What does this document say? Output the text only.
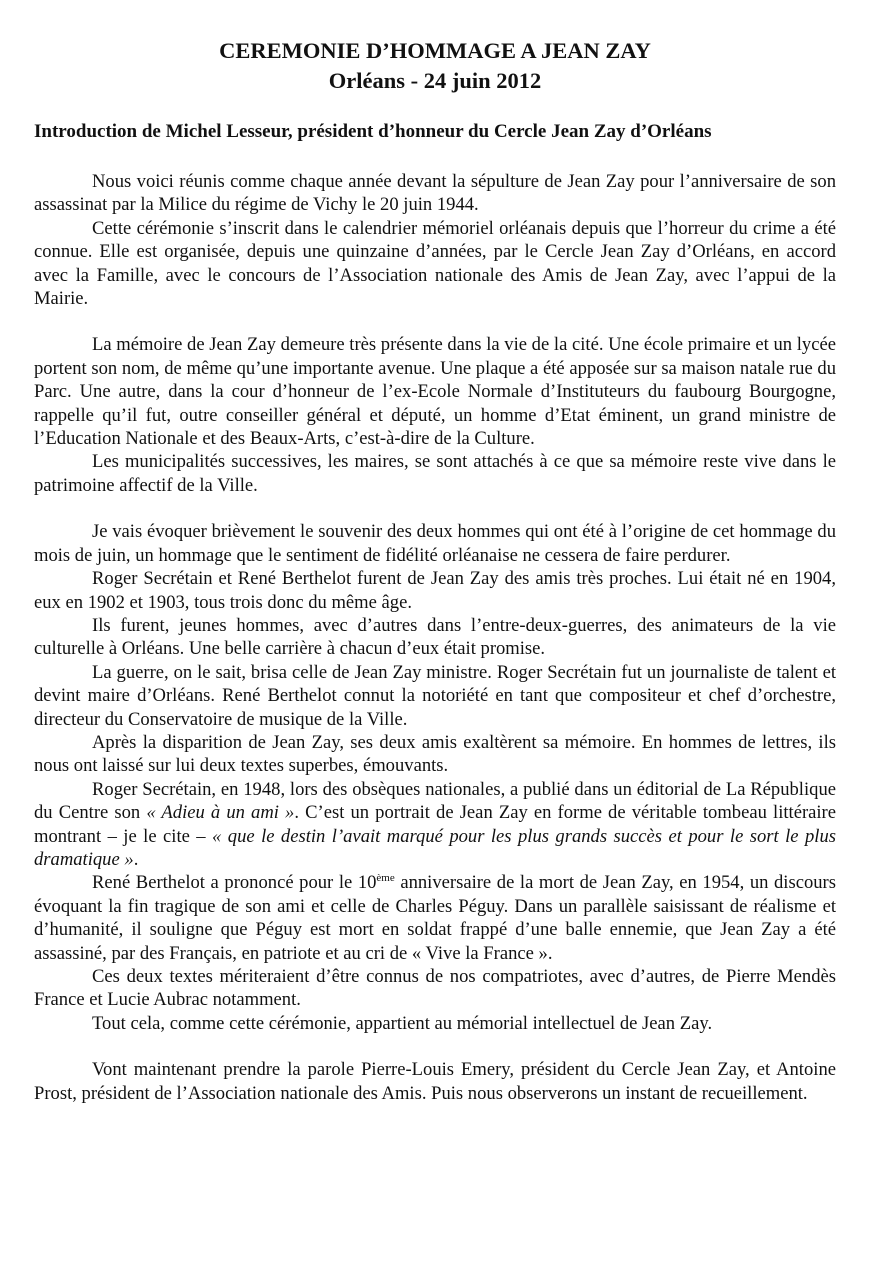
CEREMONIE D’HOMMAGE A JEAN ZAY
Orléans - 24 juin 2012
Introduction de Michel Lesseur, président d’honneur du Cercle Jean Zay d’Orléans

Nous voici réunis comme chaque année devant la sépulture de Jean Zay pour l’anniversaire de son assassinat par la Milice du régime de Vichy le 20 juin 1944.

Cette cérémonie s’inscrit dans le calendrier mémoriel orléanais depuis que l’horreur du crime a été connue. Elle est organisée, depuis une quinzaine d’années, par le Cercle Jean Zay d’Orléans, en accord avec la Famille, avec le concours de l’Association nationale des Amis de Jean Zay, avec l’appui de la Mairie.

La mémoire de Jean Zay demeure très présente dans la vie de la cité. Une école primaire et un lycée portent son nom, de même qu’une importante avenue. Une plaque a été apposée sur sa maison natale rue du Parc. Une autre, dans la cour d’honneur de l’ex-Ecole Normale d’Instituteurs du faubourg Bourgogne, rappelle qu’il fut, outre conseiller général et député, un homme d’Etat éminent, un grand ministre de l’Education Nationale et des Beaux-Arts, c’est-à-dire de la Culture.

Les municipalités successives, les maires, se sont attachés à ce que sa mémoire reste vive dans le patrimoine affectif de la Ville.

Je vais évoquer brièvement le souvenir des deux hommes qui ont été à l’origine de cet hommage du mois de juin, un hommage que le sentiment de fidélité orléanaise ne cessera de faire perdurer.

Roger Secrétain et René Berthelot furent de Jean Zay des amis très proches. Lui était né en 1904, eux en 1902 et 1903, tous trois donc du même âge.

Ils furent, jeunes hommes, avec d’autres dans l’entre-deux-guerres, des animateurs de la vie culturelle à Orléans. Une belle carrière à chacun d’eux était promise.

La guerre, on le sait, brisa celle de Jean Zay ministre. Roger Secrétain fut un journaliste de talent et devint maire d’Orléans. René Berthelot connut la notoriété en tant que compositeur et chef d’orchestre, directeur du Conservatoire de musique de la Ville.

Après la disparition de Jean Zay, ses deux amis exaltèrent sa mémoire. En hommes de lettres, ils nous ont laissé sur lui deux textes superbes, émouvants.

Roger Secrétain, en 1948, lors des obsèques nationales, a publié dans un éditorial de La République du Centre son « Adieu à un ami ». C’est un portrait de Jean Zay en forme de véritable tombeau littéraire montrant – je le cite – « que le destin l’avait marqué pour les plus grands succès et pour le sort le plus dramatique ».

René Berthelot a prononcé pour le 10ème anniversaire de la mort de Jean Zay, en 1954, un discours évoquant la fin tragique de son ami et celle de Charles Péguy. Dans un parallèle saisissant de réalisme et d’humanité, il souligne que Péguy est mort en soldat frappé d’une balle ennemie, que Jean Zay a été assassiné, par des Français, en patriote et au cri de « Vive la France ».

Ces deux textes mériteraient d’être connus de nos compatriotes, avec d’autres, de Pierre Mendès France et Lucie Aubrac notamment.

Tout cela, comme cette cérémonie, appartient au mémorial intellectuel de Jean Zay.

Vont maintenant prendre la parole Pierre-Louis Emery, président du Cercle Jean Zay, et Antoine Prost, président de l’Association nationale des Amis. Puis nous observerons un instant de recueillement.
